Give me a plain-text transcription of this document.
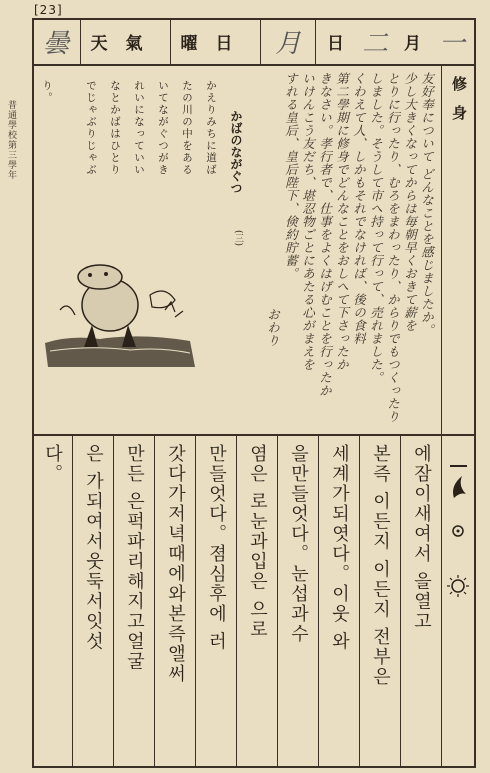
[23]
普通學校第三學年
曇	天氣	曜日 月	日 二 月 一
修身
友好奉について どんなことを感じましたか。
少し大きくなってからは毎朝早くおきて薪を
とりに行ったり、むろをまわったり、からりでもつくったり
しました。そうして市へ持って行って、売れました。
くわえて人、しかもそれでなければ、後の食料
第二學期に修身でどんなことをおしへて下さったか
きなさい。孝行者で、仕事をよくはげむことを行ったか
いけんこう友だち、堪忍物ごとにあたる心がまえを
すれる皇后、皇后陛下、倹約貯蓄。
おわり
かばのながぐつ
(三)
かえりみちに道ば
たの川の中をある
いてながぐつがき
れいになっていい
なとかばはひとり
でじゃぶりじゃぶ
り。
다。 은 가되여서웃둑서잇섯 만든 은퍽파리해지고얼굴 갓다가저녁때에와본즉앨써 만들엇다。졈심후에 러 염은 로눈과입은 으로 을만들엇다。눈섭과수 세계가되엿다。이웃 와 본즉 이든지 이든지 전부은 에잠이새여서 을열고
